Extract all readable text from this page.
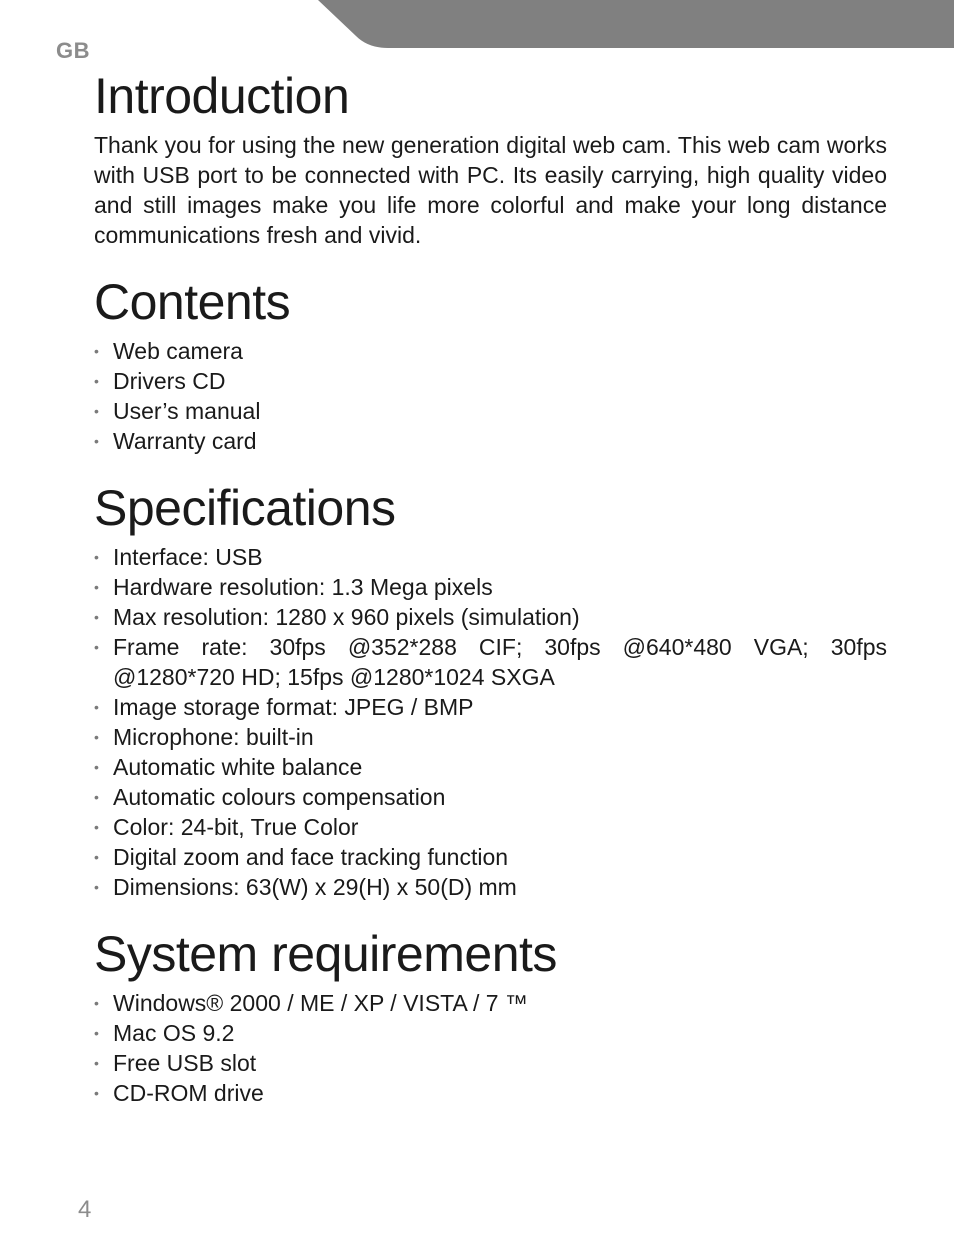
GB
Introduction

Thank you for using the new generation digital web cam. This web cam works with USB port to be connected with PC. Its easily carrying, high quality video and still images make you life more colorful and make your long distance communications fresh and vivid.

Contents
• Web camera
• Drivers CD
• User’s manual
• Warranty card
Specifications
• Interface: USB
• Hardware resolution: 1.3 Mega pixels
• Max resolution: 1280 x 960 pixels (simulation)
• Frame rate: 30fps @352*288 CIF; 30fps @640*480 VGA; 30fps @1280*720 HD; 15fps @1280*1024 SXGA
• Image storage format: JPEG / BMP
• Microphone: built-in
• Automatic white balance
• Automatic colours compensation
• Color: 24-bit, True Color
• Digital zoom and face tracking function
• Dimensions: 63(W) x 29(H) x 50(D) mm
System requirements
• Windows® 2000 / ME / XP / VISTA / 7 ™
• Mac OS 9.2
• Free USB slot
• CD-ROM drive
4
